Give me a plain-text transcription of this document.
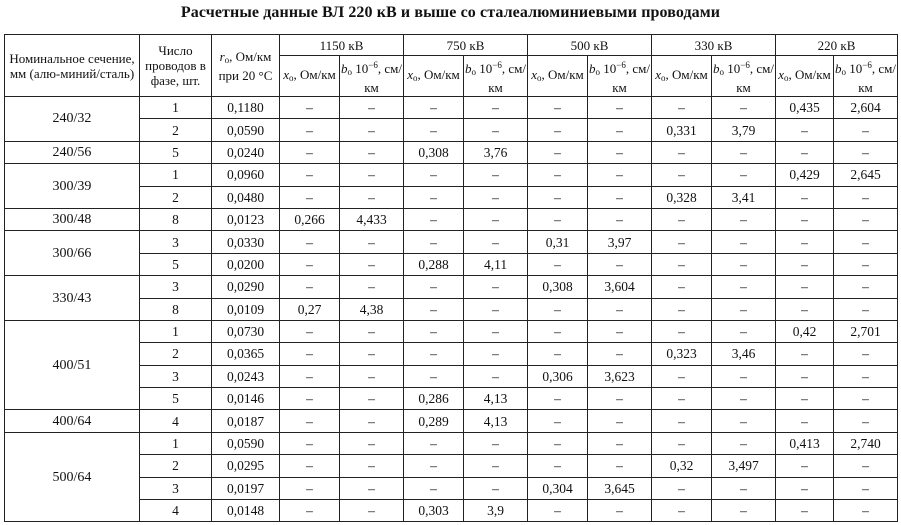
Расчетные данные ВЛ 220 кВ и выше со сталеалюминиевыми проводами
Номинальное сечение, мм (алю-миний/сталь)	Число проводов в фазе, шт.	$r_o$, Ом/км при 20 °С	1150 кВ		750 кВ		500 кВ		330 кВ		220 кВ	
			$x_o$, Ом/км	$b_o$ $10^{-6}$, см/км	$x_o$, Ом/км	$b_o$ $10^{-6}$, см/км	$x_o$, Ом/км	$b_o$ $10^{-6}$, см/км	$x_o$, Ом/км	$b_o$ $10^{-6}$, см/км	$x_o$, Ом/км	$b_o$ $10^{-6}$, см/км
240/32	1	0,1180	–	–	–	–	–	–	–	–	0,435	2,604
	2	0,0590	–	–	–	–	–	–	0,331	3,79	–	–
240/56	5	0,0240	–	–	0,308	3,76	–	–	–	–	–	–
300/39	1	0,0960	–	–	–	–	–	–	–	–	0,429	2,645
	2	0,0480	–	–	–	–	–	–	0,328	3,41	–	–
300/48	8	0,0123	0,266	4,433	–	–	–	–	–	–	–	–
300/66	3	0,0330	–	–	–	–	0,31	3,97	–	–	–	–
	5	0,0200	–	–	0,288	4,11	–	–	–	–	–	–
330/43	3	0,0290	–	–	–	–	0,308	3,604	–	–	–	–
	8	0,0109	0,27	4,38	–	–	–	–	–	–	–	–
400/51	1	0,0730	–	–	–	–	–	–	–	–	0,42	2,701
	2	0,0365	–	–	–	–	–	–	0,323	3,46	–	–
	3	0,0243	–	–	–	–	0,306	3,623	–	–	–	–
	5	0,0146	–	–	0,286	4,13	–	–	–	–	–	–
400/64	4	0,0187	–	–	0,289	4,13	–	–	–	–	–	–
500/64	1	0,0590	–	–	–	–	–	–	–	–	0,413	2,740
	2	0,0295	–	–	–	–	–	–	0,32	3,497	–	–
	3	0,0197	–	–	–	–	0,304	3,645	–	–	–	–
	4	0,0148	–	–	0,303	3,9	–	–	–	–	–	–
